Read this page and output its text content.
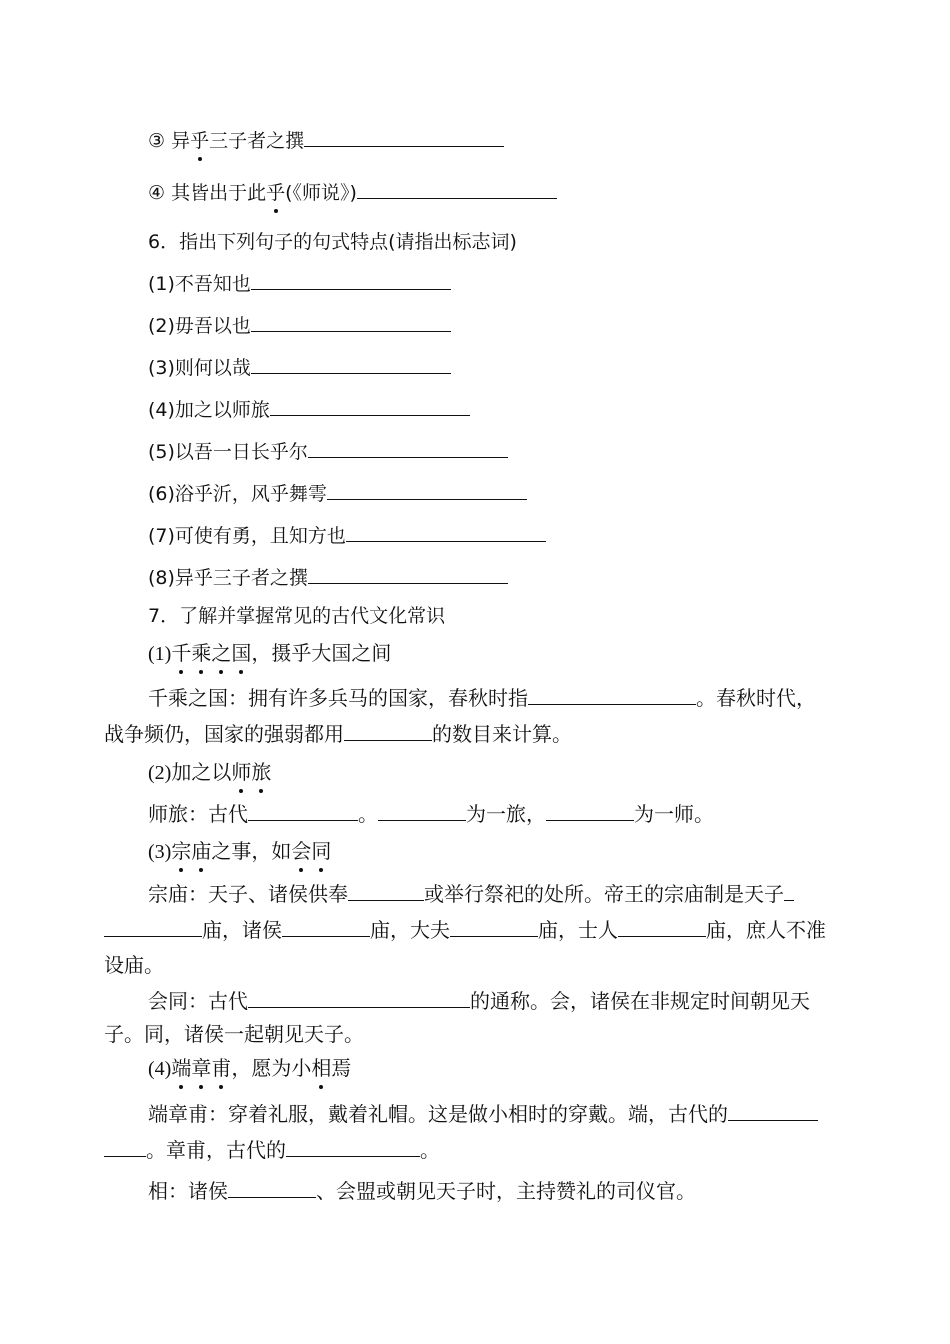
③ 异乎三子者之撰
④ 其皆出于此乎(《师说》)
6．指出下列句子的句式特点(请指出标志词)
(1)不吾知也
(2)毋吾以也
(3)则何以哉
(4)加之以师旅
(5)以吾一日长乎尔
(6)浴乎沂，风乎舞雩
(7)可使有勇，且知方也
(8)异乎三子者之撰
7．了解并掌握常见的古代文化常识
(1)千乘之国，摄乎大国之间
千乘之国：拥有许多兵马的国家，春秋时指	。春秋时代，
战争频仍，国家的强弱都用	的数目来计算。
(2)加之以师旅
师旅：古代	。	为一旅，	为一师。
(3)宗庙之事，如会同
宗庙：天子、诸侯供奉	或举行祭祀的处所。帝王的宗庙制是天子
庙，诸侯	庙，大夫	庙，士人	庙，庶人不准
设庙。
会同：古代	的通称。会，诸侯在非规定时间朝见天
子。同，诸侯一起朝见天子。
(4)端章甫，愿为小相焉
端章甫：穿着礼服，戴着礼帽。这是做小相时的穿戴。端，古代的
。章甫，古代的	。
相：诸侯	、会盟或朝见天子时，主持赞礼的司仪官。
